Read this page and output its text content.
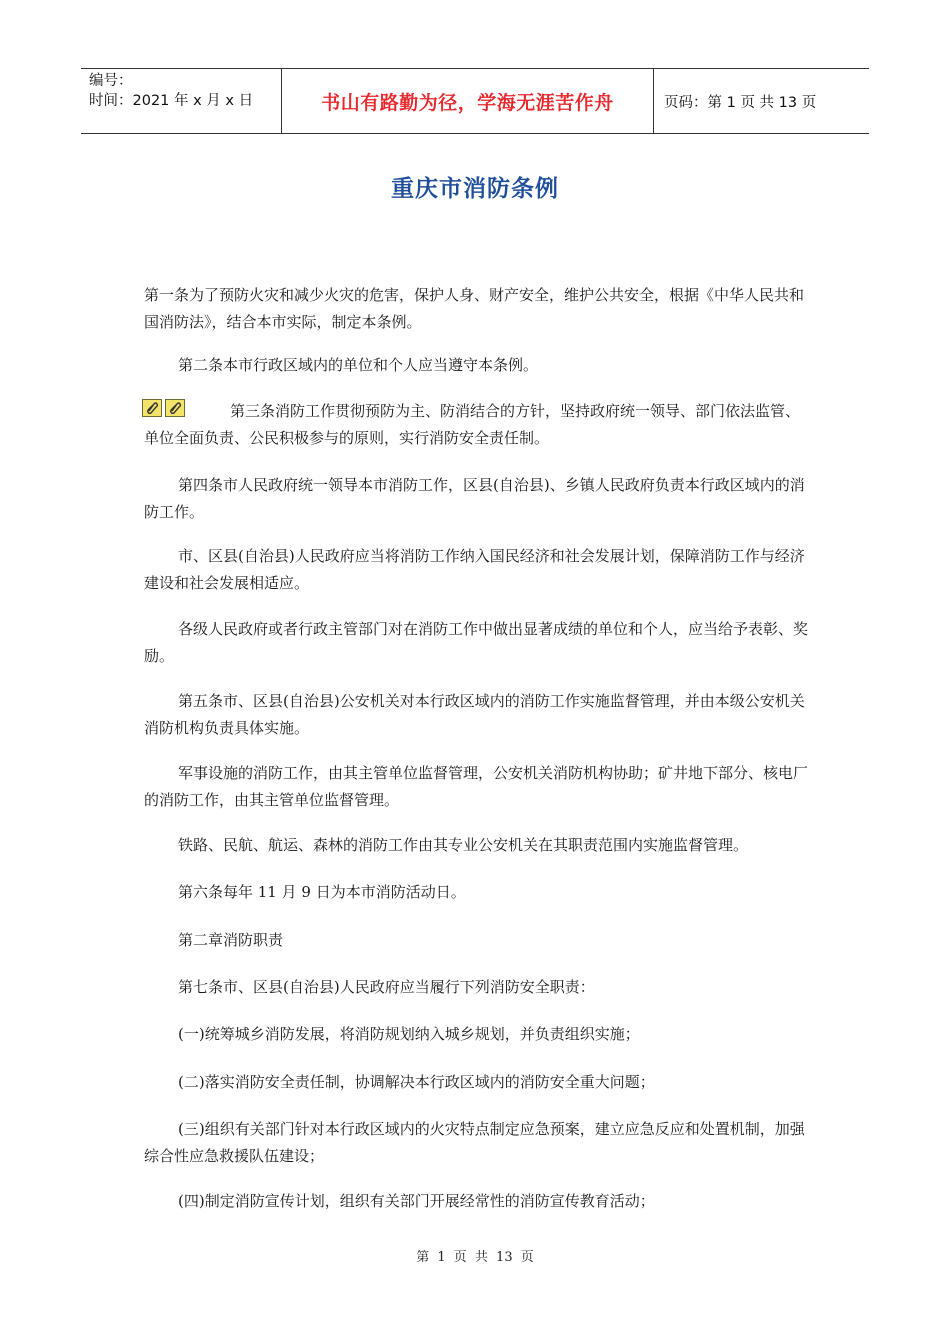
编号：
时间：2021 年 x 月 x 日	书山有路勤为径，学海无涯苦作舟	页码：第 1 页 共 13 页
重庆市消防条例

第一条为了预防火灾和减少火灾的危害，保护人身、财产安全，维护公共安全，根据《中华人民共和国消防法》，结合本市实际，制定本条例。

第二条本市行政区域内的单位和个人应当遵守本条例。

第三条消防工作贯彻预防为主、防消结合的方针，坚持政府统一领导、部门依法监管、单位全面负责、公民积极参与的原则，实行消防安全责任制。

第四条市人民政府统一领导本市消防工作，区县(自治县)、乡镇人民政府负责本行政区域内的消防工作。

市、区县(自治县)人民政府应当将消防工作纳入国民经济和社会发展计划，保障消防工作与经济建设和社会发展相适应。

各级人民政府或者行政主管部门对在消防工作中做出显著成绩的单位和个人，应当给予表彰、奖励。

第五条市、区县(自治县)公安机关对本行政区域内的消防工作实施监督管理，并由本级公安机关消防机构负责具体实施。

军事设施的消防工作，由其主管单位监督管理，公安机关消防机构协助；矿井地下部分、核电厂的消防工作，由其主管单位监督管理。

铁路、民航、航运、森林的消防工作由其专业公安机关在其职责范围内实施监督管理。

第六条每年 11 月 9 日为本市消防活动日。

第二章消防职责

第七条市、区县(自治县)人民政府应当履行下列消防安全职责：

(一)统筹城乡消防发展，将消防规划纳入城乡规划，并负责组织实施；

(二)落实消防安全责任制，协调解决本行政区域内的消防安全重大问题；

(三)组织有关部门针对本行政区域内的火灾特点制定应急预案，建立应急反应和处置机制，加强综合性应急救援队伍建设；

(四)制定消防宣传计划，组织有关部门开展经常性的消防宣传教育活动；

第 1 页 共 13 页
